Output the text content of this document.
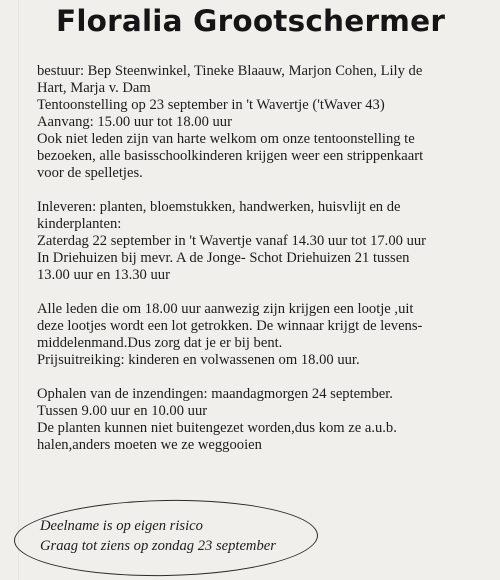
Floralia Grootschermer

bestuur: Bep Steenwinkel, Tineke Blaauw, Marjon Cohen, Lily de

Hart, Marja v. Dam

Tentoonstelling op 23 september in 't Wavertje ('tWaver 43)

Aanvang: 15.00 uur tot 18.00 uur

Ook niet leden zijn van harte welkom om onze tentoonstelling te

bezoeken, alle basisschoolkinderen krijgen weer een strippenkaart

voor de spelletjes.

Inleveren: planten, bloemstukken, handwerken, huisvlijt en de

kinderplanten:

Zaterdag 22 september in 't Wavertje vanaf 14.30 uur tot 17.00 uur

In Driehuizen bij mevr. A de Jonge- Schot Driehuizen 21 tussen

13.00 uur en 13.30 uur

Alle leden die om 18.00 uur aanwezig zijn krijgen een lootje ,uit

deze lootjes wordt een lot getrokken. De winnaar krijgt de levens-

middelenmand.Dus zorg dat je er bij bent.

Prijsuitreiking: kinderen en volwassenen om 18.00 uur.

Ophalen van de inzendingen: maandagmorgen 24 september.

Tussen 9.00 uur en 10.00 uur

De planten kunnen niet buitengezet worden,dus kom ze a.u.b.

halen,anders moeten we ze weggooien

Deelname is op eigen risico

Graag tot ziens op zondag 23 september
